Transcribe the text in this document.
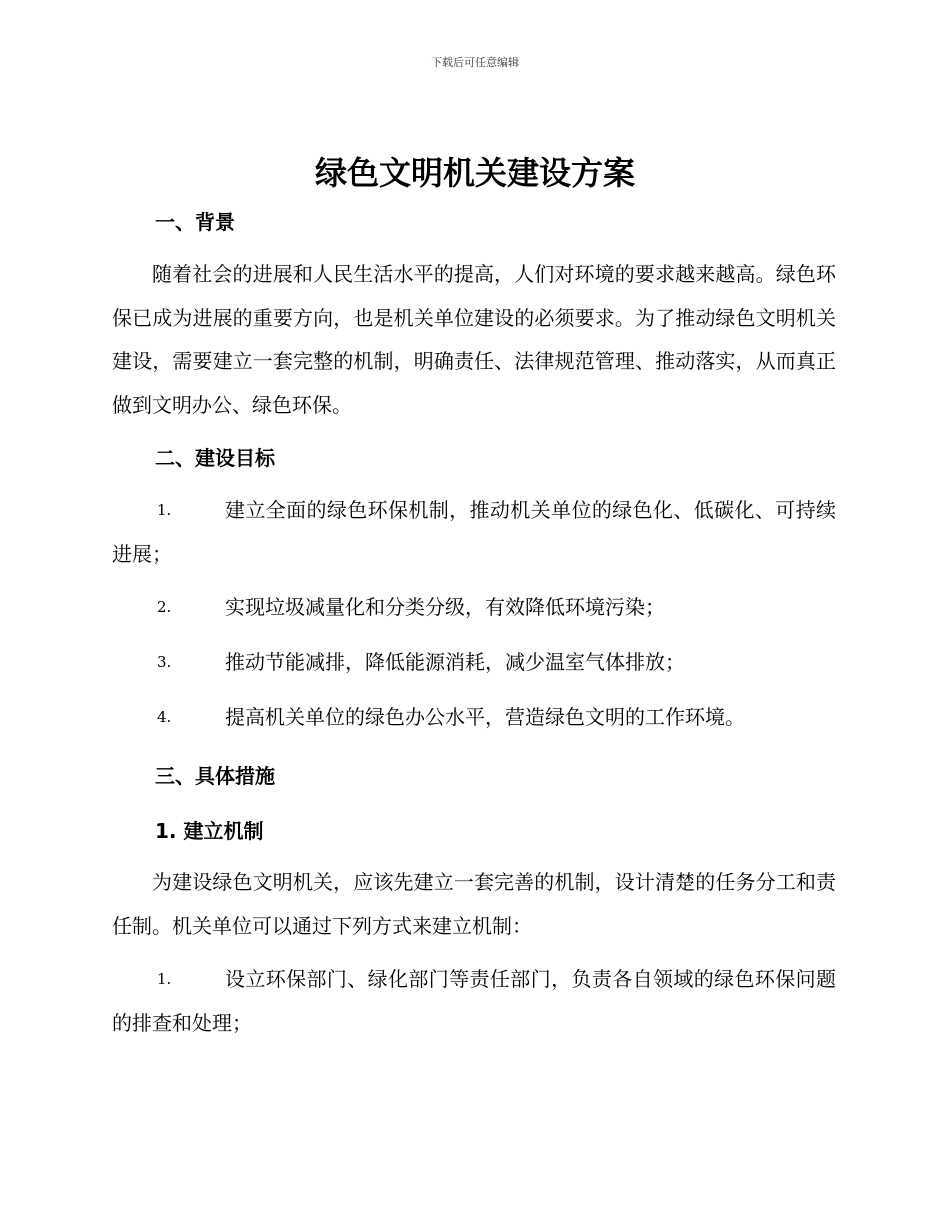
下载后可任意编辑
绿色文明机关建设方案
一、背景
随着社会的进展和人民生活水平的提高，人们对环境的要求越来越高。绿色环保已成为进展的重要方向，也是机关单位建设的必须要求。为了推动绿色文明机关建设，需要建立一套完整的机制，明确责任、法律规范管理、推动落实，从而真正做到文明办公、绿色环保。
二、建设目标
1.	建立全面的绿色环保机制，推动机关单位的绿色化、低碳化、可持续进展；
2.	实现垃圾减量化和分类分级，有效降低环境污染；
3.	推动节能减排，降低能源消耗，减少温室气体排放；
4.	提高机关单位的绿色办公水平，营造绿色文明的工作环境。
三、具体措施
1. 建立机制
为建设绿色文明机关，应该先建立一套完善的机制，设计清楚的任务分工和责任制。机关单位可以通过下列方式来建立机制：
1.	设立环保部门、绿化部门等责任部门，负责各自领域的绿色环保问题的排查和处理；
